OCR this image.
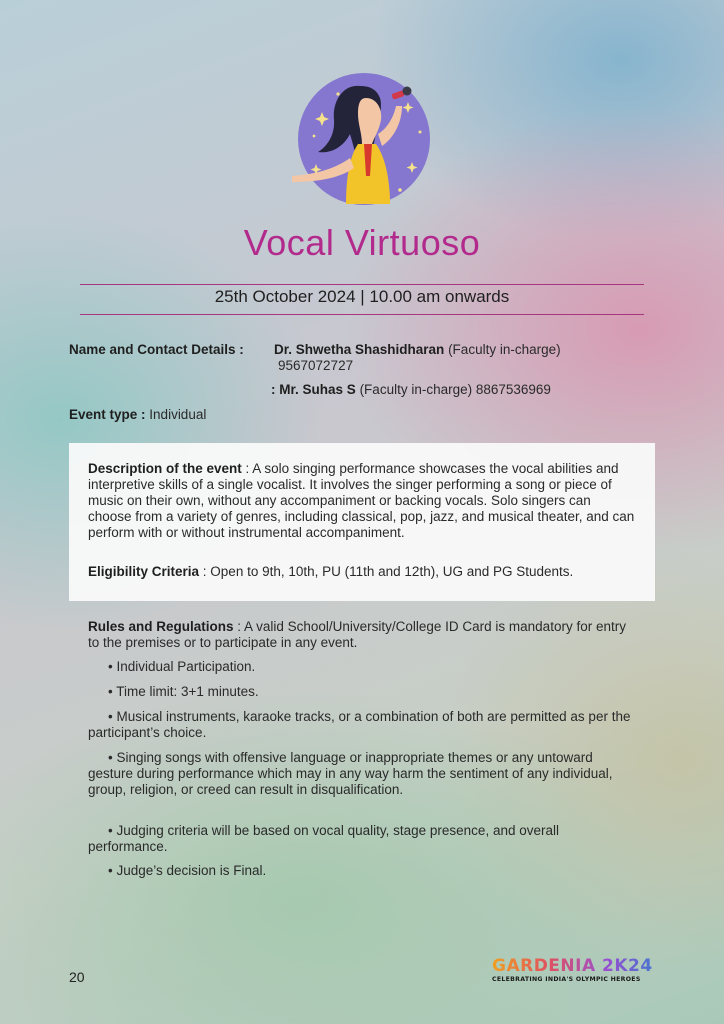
Vocal Virtuoso
25th October 2024 | 10.00 am onwards
Name and Contact Details : Dr. Shwetha Shashidharan (Faculty in-charge)
9567072727
: Mr. Suhas S (Faculty in-charge) 8867536969
Event type : Individual
Description of the event : A solo singing performance showcases the vocal abilities and interpretive skills of a single vocalist. It involves the singer performing a song or piece of music on their own, without any accompaniment or backing vocals. Solo singers can choose from a variety of genres, including classical, pop, jazz, and musical theater, and can perform with or without instrumental accompaniment.
Eligibility Criteria : Open to 9th, 10th, PU (11th and 12th), UG and PG Students.
Rules and Regulations : A valid School/University/College ID Card is mandatory for entry to the premises or to participate in any event.
• Individual Participation.
• Time limit: 3+1 minutes.
• Musical instruments, karaoke tracks, or a combination of both are permitted as per the participant’s choice.
• Singing songs with offensive language or inappropriate themes or any untoward gesture during performance which may in any way harm the sentiment of any individual, group, religion, or creed can result in disqualification.
• Judging criteria will be based on vocal quality, stage presence, and overall performance.
• Judge’s decision is Final.
20
GARDENIA 2K24
CELEBRATING INDIA'S OLYMPIC HEROES
